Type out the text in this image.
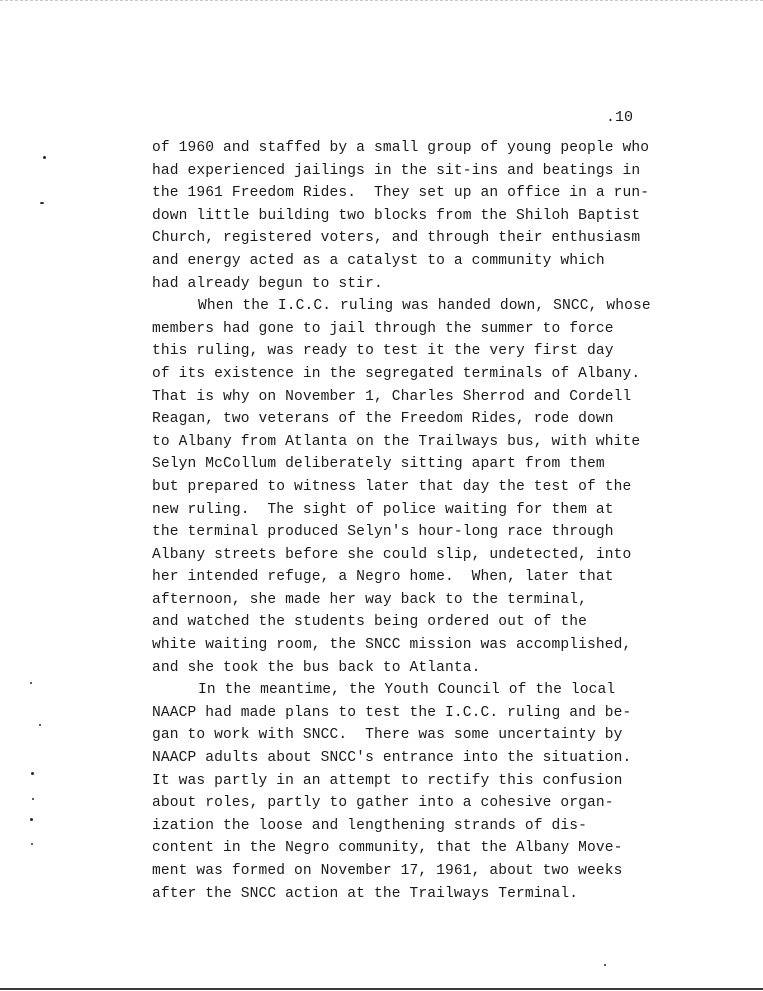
.10
of 1960 and staffed by a small group of young people who
had experienced jailings in the sit-ins and beatings in
the 1961 Freedom Rides.  They set up an office in a run-
down little building two blocks from the Shiloh Baptist
Church, registered voters, and through their enthusiasm
and energy acted as a catalyst to a community which
had already begun to stir.
When the I.C.C. ruling was handed down, SNCC, whose
members had gone to jail through the summer to force
this ruling, was ready to test it the very first day
of its existence in the segregated terminals of Albany.
That is why on November 1, Charles Sherrod and Cordell
Reagan, two veterans of the Freedom Rides, rode down
to Albany from Atlanta on the Trailways bus, with white
Selyn McCollum deliberately sitting apart from them
but prepared to witness later that day the test of the
new ruling.  The sight of police waiting for them at
the terminal produced Selyn's hour-long race through
Albany streets before she could slip, undetected, into
her intended refuge, a Negro home.  When, later that
afternoon, she made her way back to the terminal,
and watched the students being ordered out of the
white waiting room, the SNCC mission was accomplished,
and she took the bus back to Atlanta.
In the meantime, the Youth Council of the local
NAACP had made plans to test the I.C.C. ruling and be-
gan to work with SNCC.  There was some uncertainty by
NAACP adults about SNCC's entrance into the situation.
It was partly in an attempt to rectify this confusion
about roles, partly to gather into a cohesive organ-
ization the loose and lengthening strands of dis-
content in the Negro community, that the Albany Move-
ment was formed on November 17, 1961, about two weeks
after the SNCC action at the Trailways Terminal.
